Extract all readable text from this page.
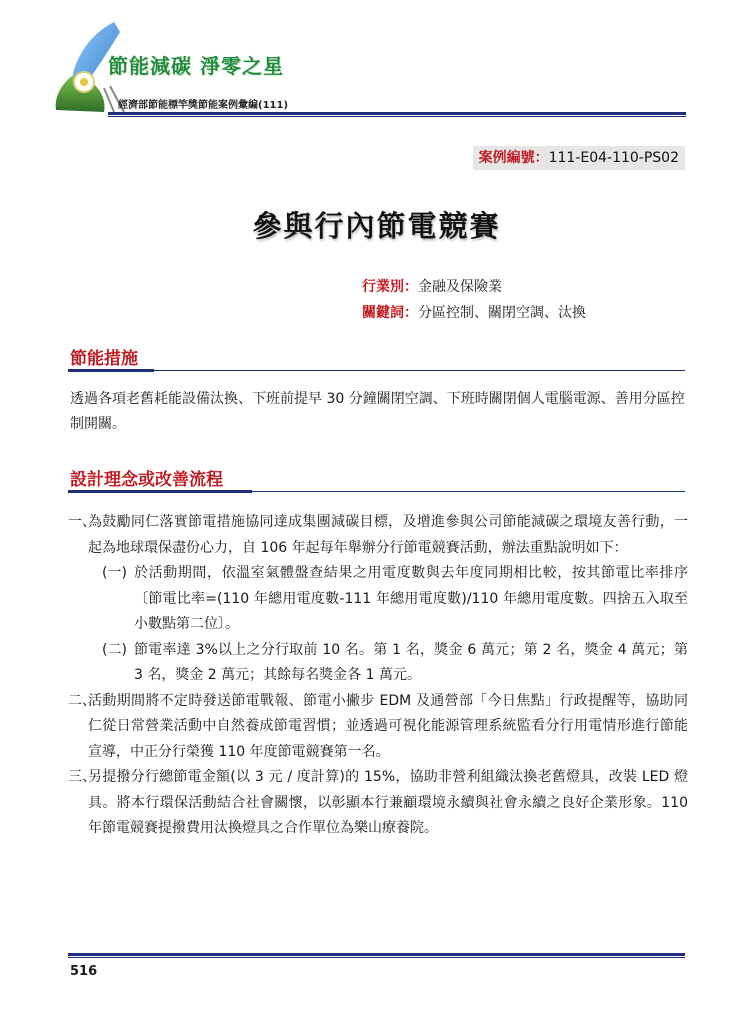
節能減碳 淨零之星
經濟部節能標竿獎節能案例彙編(111)
案例編號：111-E04-110-PS02
參與行內節電競賽
行業別：金融及保險業
關鍵詞：分區控制、關閉空調、汰換
節能措施
透過各項老舊耗能設備汰換、下班前提早 30 分鐘關閉空調、下班時關閉個人電腦電源、善用分區控制開關。
設計理念或改善流程
一、

為鼓勵同仁落實節電措施協同達成集團減碳目標，及增進參與公司節能減碳之環境友善行動，一起為地球環保盡份心力，自 106 年起每年舉辦分行節電競賽活動，辦法重點說明如下：

(一) 於活動期間，依溫室氣體盤查結果之用電度數與去年度同期相比較，按其節電比率排序〔節電比率=(110 年總用電度數-111 年總用電度數)/110 年總用電度數。四捨五入取至小數點第二位〕。

(二) 節電率達 3%以上之分行取前 10 名。第 1 名，獎金 6 萬元；第 2 名，獎金 4 萬元；第 3 名，獎金 2 萬元；其餘每名獎金各 1 萬元。

二、

活動期間將不定時發送節電戰報、節電小撇步 EDM 及通營部「今日焦點」行政提醒等，協助同仁從日常營業活動中自然養成節電習慣；並透過可視化能源管理系統監看分行用電情形進行節能宣導，中正分行榮獲 110 年度節電競賽第一名。

三、

另提撥分行總節電金額(以 3 元 / 度計算)的 15%，協助非營利組織汰換老舊燈具，改裝 LED 燈具。將本行環保活動結合社會關懷，以彰顯本行兼顧環境永續與社會永續之良好企業形象。110 年節電競賽提撥費用汰換燈具之合作單位為樂山療養院。

516
